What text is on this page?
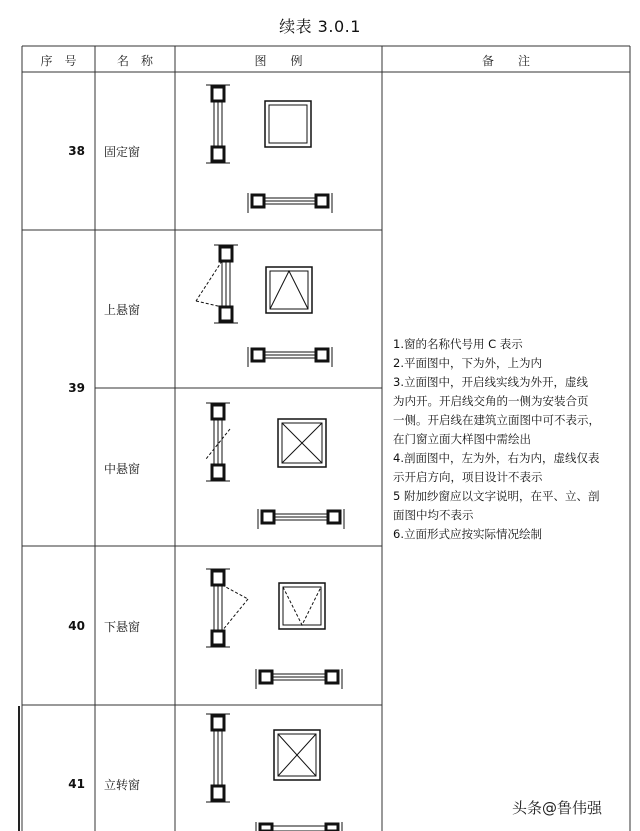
续表 3.0.1
序　号	名　称	图　　例	备　　注
38 固定窗
39
上悬窗
中悬窗
40 下悬窗
41 立转窗
1.窗的名称代号用 C 表示
2.平面图中，下为外，上为内
3.立面图中，开启线实线为外开，虚线
为内开。开启线交角的一侧为安装合页
一侧。开启线在建筑立面图中可不表示，
在门窗立面大样图中需绘出
4.剖面图中，左为外，右为内，虚线仅表
示开启方向，项目设计不表示
5 附加纱窗应以文字说明，在平、立、剖
面图中均不表示
6.立面形式应按实际情况绘制
头条@鲁伟强
